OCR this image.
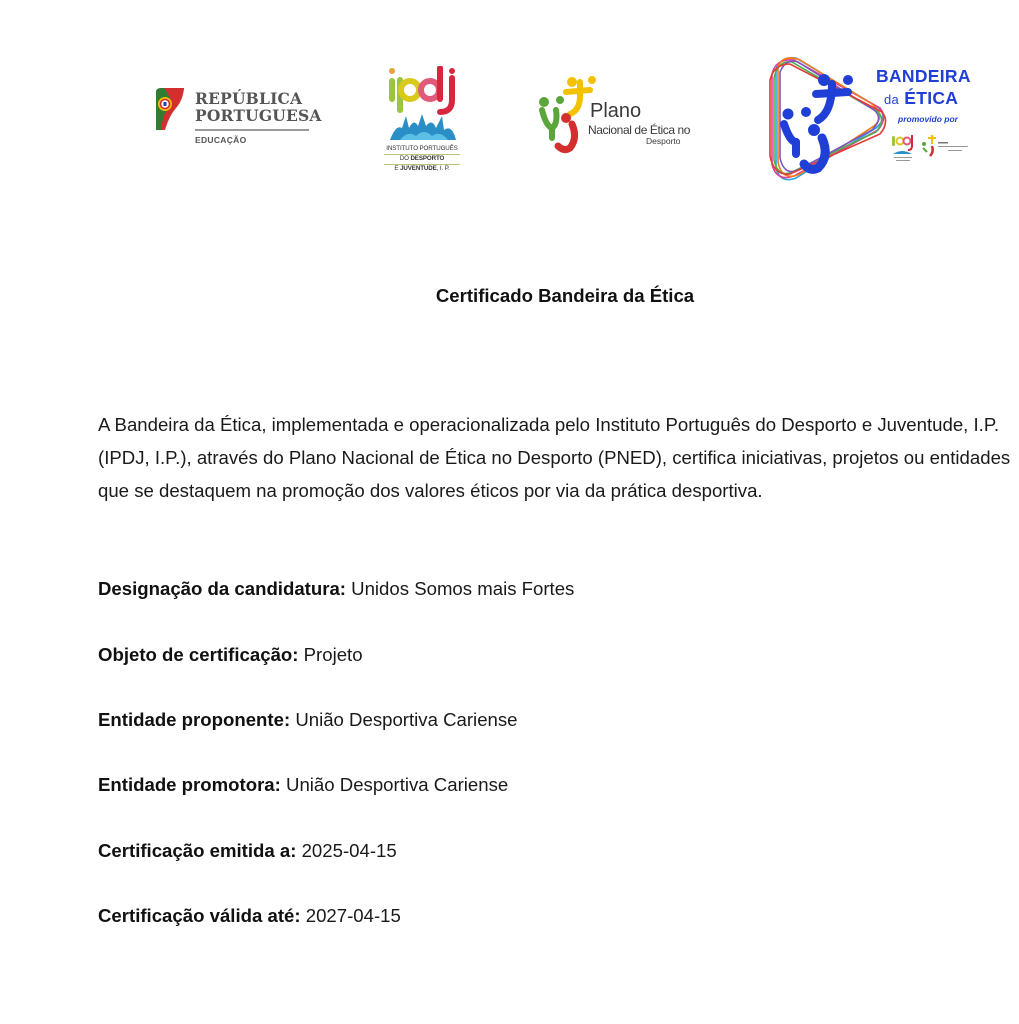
REPÚBLICA
PORTUGUESA
EDUCAÇÃO
INSTITUTO PORTUGUÊS
DO DESPORTO
E JUVENTUDE, I. P.
Plano
Nacional de Ética no
Desporto
BANDEIRA
da ÉTICA
promovido por
Certificado Bandeira da Ética

A Bandeira da Ética, implementada e operacionalizada pelo Instituto Português do Desporto e Juventude, I.P. (IPDJ, I.P.), através do Plano Nacional de Ética no Desporto (PNED), certifica iniciativas, projetos ou entidades que se destaquem na promoção dos valores éticos por via da prática desportiva.

Designação da candidatura: Unidos Somos mais Fortes
Objeto de certificação: Projeto
Entidade proponente: União Desportiva Cariense
Entidade promotora: União Desportiva Cariense
Certificação emitida a: 2025-04-15
Certificação válida até: 2027-04-15
